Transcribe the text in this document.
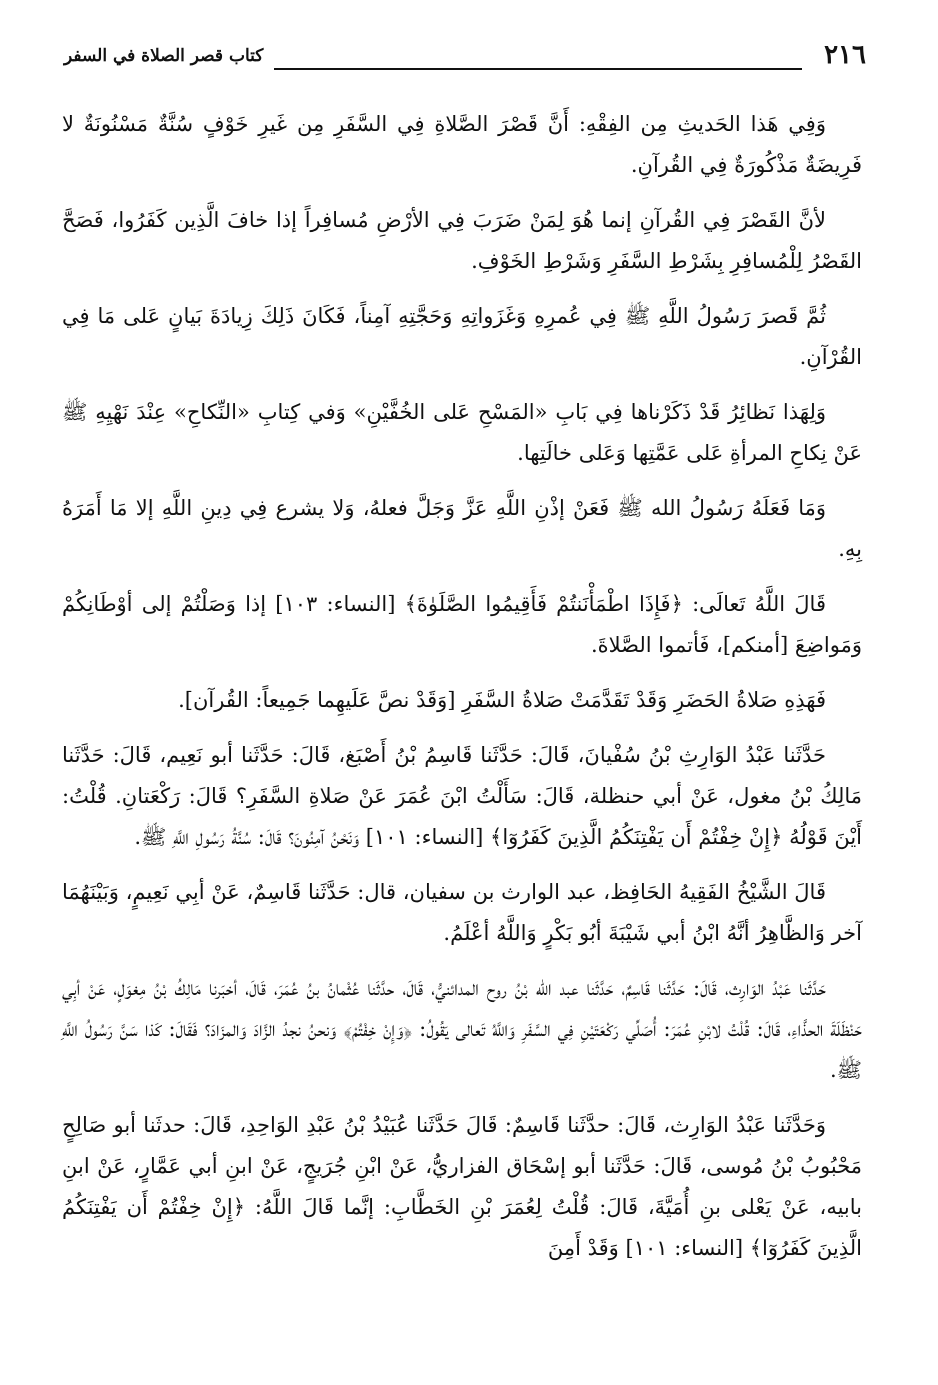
٢١٦
كتاب قصر الصلاة في السفر

وَفِي هَذا الحَديثِ مِن الفِقْهِ: أَنَّ قَصْرَ الصَّلاةِ فِي السَّفَرِ مِن غَيرِ خَوْفٍ سُنَّةٌ مَسْنُونَةٌ لا فَرِيضَةٌ مَذْكُورَةٌ فِي القُرآنِ.

لأنَّ القَصْرَ فِي القُرآنِ إنما هُوَ لِمَنْ ضَرَبَ فِي الأرْضِ مُسافِراً إذا خافَ الَّذِين كَفَرُوا، فَصَحَّ القَصْرُ لِلْمُسافِرِ بِشَرْطِ السَّفَرِ وَشَرْطِ الخَوْفِ.

ثُمَّ قَصرَ رَسُولُ اللَّهِ ﷺ فِي عُمرِهِ وَغَزَواتِهِ وَحَجَّتِهِ آمِناً، فَكَانَ ذَلِكَ زِيادَةَ بَيانٍ عَلى مَا فِي القُرْآنِ.

وَلِهَذا نَظائِرُ قَدْ ذَكَرْناها فِي بَابِ «المَسْحِ عَلى الخُفَّيْنِ» وَفي كِتابِ «النِّكاحِ» عِنْدَ نَهْيِهِ ﷺ عَنْ نِكاحِ المرأةِ عَلى عَمَّتِها وَعَلى خالَتِها.

وَمَا فَعَلَهُ رَسُولُ الله ﷺ فَعَنْ إذْنِ اللَّهِ عَزَّ وَجَلَّ فعلهُ، وَلا يشرع فِي دِينِ اللَّهِ إلا مَا أَمَرَهُ بِهِ.

قَالَ اللَّهُ تَعالَى: ﴿فَإِذَا اطْمَأْنَنتُمْ فَأَقِيمُوا الصَّلَوٰةَ﴾ [النساء: ١٠٣] إذا وَصَلْتُمْ إلى أوْطَانِكُمْ وَمَواضِعَ [أمنكم]، فَأتموا الصَّلاةَ.

فَهَذِهِ صَلاةُ الحَضَرِ وَقَدْ تَقَدَّمَتْ صَلاةُ السَّفَرِ [وَقَدْ نصَّ عَلَيهِما جَمِيعاً: القُرآن].

حَدَّثَنا عَبْدُ الوَارِثِ بْنُ سُفْيانَ، قَالَ: حَدَّثَنا قَاسِمُ بْنُ أَصْبَغ، قَالَ: حَدَّثَنا أبو نَعِيم، قَالَ: حَدَّثَنا مَالِكُ بْنُ مغول، عَنْ أبي حنظلة، قَالَ: سَأَلْتُ ابْنَ عُمَرَ عَنْ صَلاةِ السَّفَرِ؟ قَالَ: رَكْعَتانِ. قُلْتُ: أَيْنَ قَوْلُهُ ﴿إِنْ خِفْتُمْ أَن يَفْتِنَكُمُ الَّذِينَ كَفَرُوٓا﴾ [النساء: ١٠١] وَنَحْنُ آمِنُونَ؟ قَالَ: سُنَّةُ رَسُولِ اللَّهِ ﷺ.

قَالَ الشَّيْخُ الفَقِيهُ الحَافِظ، عبد الوارث بن سفيان، قال: حَدَّثَنا قَاسِمٌ، عَنْ أبِي نَعِيمٍ، وَبَيْنَهُمَا آخر وَالظَّاهِرُ أنَّهُ ابْنُ أبي شَيْبَةَ أبُو بَكْرٍ وَاللَّهُ أعْلَمُ.

حَدَّثَنا عَبْدُ الوَارِث، قَالَ: حَدَّثَنا قَاسِمٌ، حَدَّثَنا عبد الله بْنُ روح المدائنيُّ، قَالَ، حدَّثَنا عُثْمانُ بنُ عُمَرَ، قَالَ، أخبَرنا مَالِكُ بْنُ مِغوَلٍ، عَنْ أبِي حَنْظَلَةَ الحذَّاءِ، قَالَ: قُلْتُ لابْنِ عُمَرَ: أُصَلِّي رَكْعَتَيْنِ فِي السَّفَرِ وَاللَّهُ تَعالى يَقُولُ: ﴿وَإِنْ خِفْتُمْ﴾ وَنحنُ نجدُ الزَّادَ وَالمزَادَ؟ فَقَالَ: كَذا سَنَّ رَسُولُ اللَّهِ ﷺ.

وَحَدَّثَنا عَبْدُ الوَارِث، قَالَ: حدَّثَنا قَاسِمٌ: قَالَ حَدَّثَنا عُبَيْدُ بْنُ عَبْدِ الوَاحِدِ، قَالَ: حدثَنا أبو صَالِحٍ مَحْبُوبُ بْنُ مُوسى، قَالَ: حَدَّثَنا أبو إسْحَاق الفزاريُّ، عَنْ ابْنِ جُرَيجٍ، عَنْ ابنِ أبي عَمَّارٍ، عَنْ ابنِ بابيه، عَنْ يَعْلى بنِ أُمَيَّةَ، قَالَ: قُلْتُ لِعُمَرَ بْنِ الخَطَّابِ: إنَّما قَالَ اللَّهُ: ﴿إِنْ خِفْتُمْ أَن يَفْتِنَكُمُ الَّذِينَ كَفَرُوٓا﴾ [النساء: ١٠١] وَقَدْ أَمِنَ
